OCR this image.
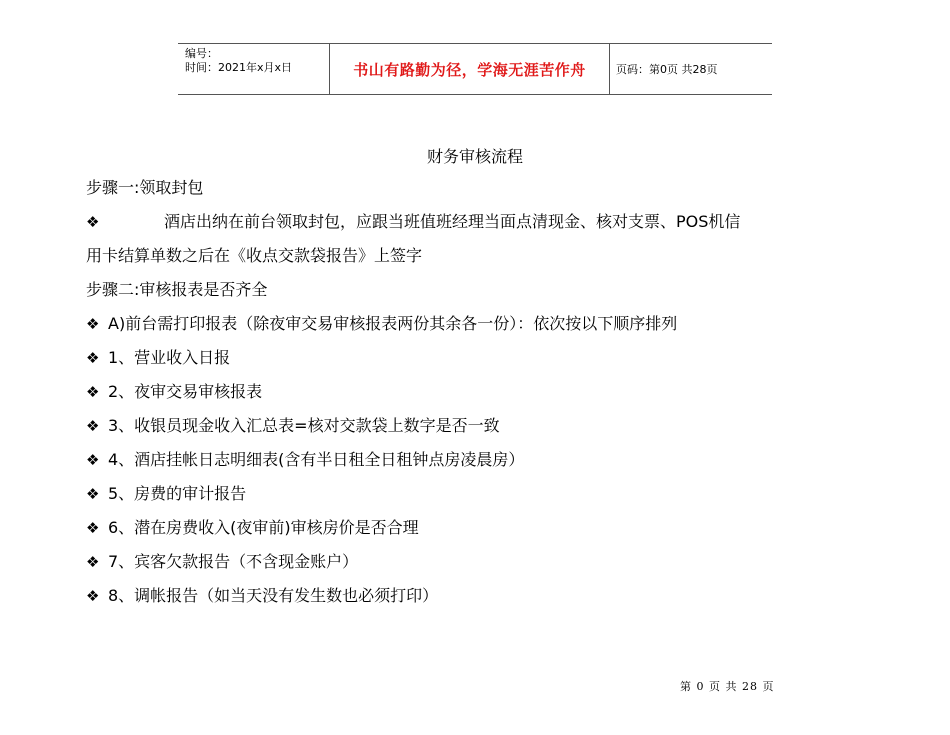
编号：
时间：2021年x月x日	书山有路勤为径，学海无涯苦作舟	页码：第0页 共28页
财务审核流程
步骤一:领取封包
❖	酒店出纳在前台领取封包，应跟当班值班经理当面点清现金、核对支票、POS机信
用卡结算单数之后在《收点交款袋报告》上签字
步骤二:审核报表是否齐全
❖ A)前台需打印报表（除夜审交易审核报表两份其余各一份）：依次按以下顺序排列
❖ 1、营业收入日报
❖ 2、夜审交易审核报表
❖ 3、收银员现金收入汇总表=核对交款袋上数字是否一致
❖ 4、酒店挂帐日志明细表(含有半日租全日租钟点房凌晨房）
❖ 5、房费的审计报告
❖ 6、潜在房费收入(夜审前)审核房价是否合理
❖ 7、宾客欠款报告（不含现金账户）
❖ 8、调帐报告（如当天没有发生数也必须打印）
第 0 页 共 28 页
